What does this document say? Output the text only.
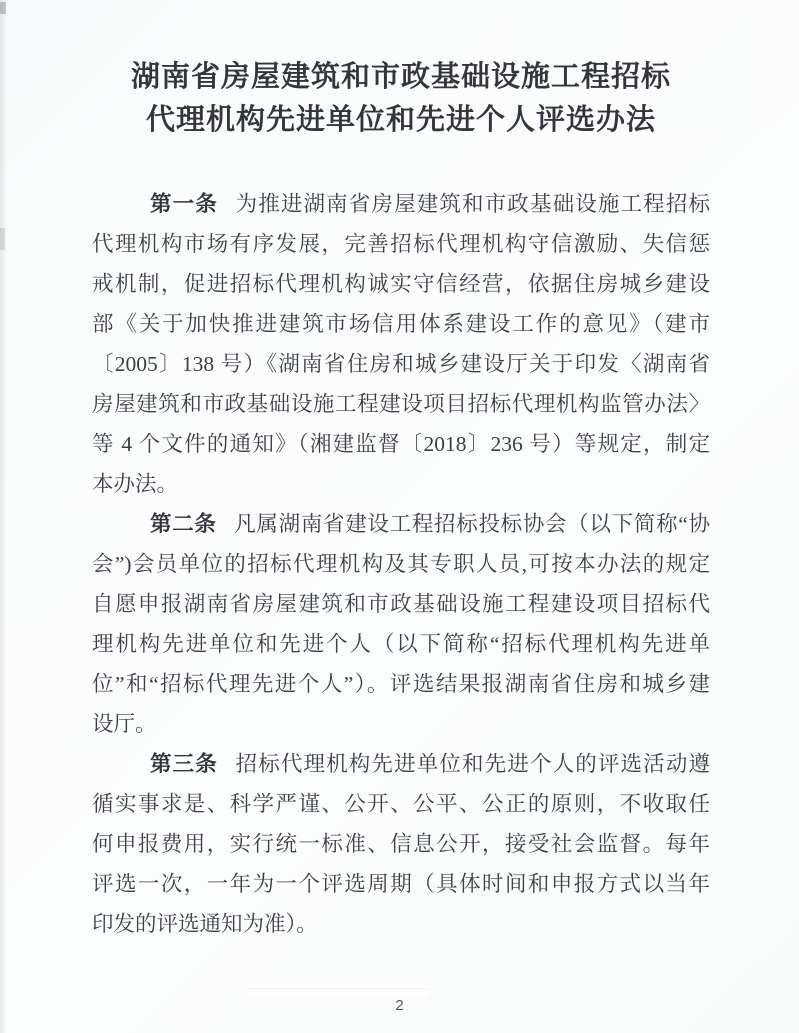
湖南省房屋建筑和市政基础设施工程招标
代理机构先进单位和先进个人评选办法
第一条 为推进湖南省房屋建筑和市政基础设施工程招标
代理机构市场有序发展，完善招标代理机构守信激励、失信惩
戒机制，促进招标代理机构诚实守信经营，依据住房城乡建设
部《关于加快推进建筑市场信用体系建设工作的意见》（建市
〔2005〕138 号）《湖南省住房和城乡建设厅关于印发〈湖南省
房屋建筑和市政基础设施工程建设项目招标代理机构监管办法〉
等 4 个文件的通知》（湘建监督〔2018〕236 号）等规定，制定
本办法。
第二条 凡属湖南省建设工程招标投标协会（以下简称“协
会”)会员单位的招标代理机构及其专职人员,可按本办法的规定
自愿申报湖南省房屋建筑和市政基础设施工程建设项目招标代
理机构先进单位和先进个人（以下简称“招标代理机构先进单
位”和“招标代理先进个人”）。评选结果报湖南省住房和城乡建
设厅。
第三条 招标代理机构先进单位和先进个人的评选活动遵
循实事求是、科学严谨、公开、公平、公正的原则，不收取任
何申报费用，实行统一标准、信息公开，接受社会监督。每年
评选一次，一年为一个评选周期（具体时间和申报方式以当年
印发的评选通知为准）。
2
